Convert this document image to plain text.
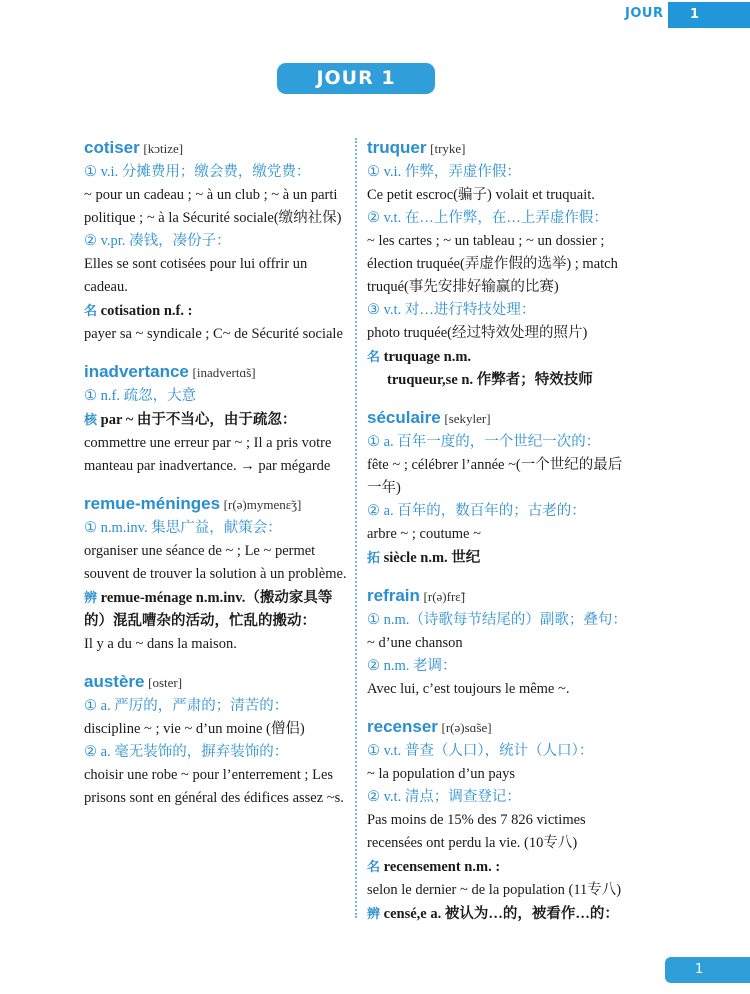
JOUR	1
JOUR 1

cotiser [kɔtize]

① v.i. 分摊费用；缴会费，缴党费：

~ pour un cadeau ; ~ à un club ; ~ à un parti politique ; ~ à la Sécurité sociale(缴纳社保)

② v.pr. 凑钱，凑份子：

Elles se sont cotisées pour lui offrir un cadeau.

名 cotisation n.f. :

payer sa ~ syndicale ; C~ de Sécurité sociale

inadvertance [inadvertɑ̃s]

① n.f. 疏忽，大意

核 par ~ 由于不当心，由于疏忽：

commettre une erreur par ~ ; Il a pris votre manteau par inadvertance. → par mégarde

remue-méninges [r(ə)mymenɛ̃ʒ]

① n.m.inv. 集思广益，献策会：

organiser une séance de ~ ; Le ~ permet souvent de trouver la solution à un problème.

辨 remue-ménage n.m.inv.（搬动家具等的）混乱嘈杂的活动，忙乱的搬动：

Il y a du ~ dans la maison.

austère [oster]

① a. 严厉的，严肃的；清苦的：

discipline ~ ; vie ~ d’un moine (僧侣)

② a. 毫无装饰的，摒弃装饰的：

choisir une robe ~ pour l’enterrement ; Les prisons sont en général des édifices assez ~s.

truquer [tryke]

① v.i. 作弊，弄虚作假：

Ce petit escroc(骗子) volait et truquait.

② v.t. 在…上作弊，在…上弄虚作假：

~ les cartes ; ~ un tableau ; ~ un dossier ; élection truquée(弄虚作假的选举) ; match truqué(事先安排好输赢的比赛)

③ v.t. 对…进行特技处理：

photo truquée(经过特效处理的照片)

名 truquage n.m.

truqueur,se n. 作弊者；特效技师

séculaire [sekyler]

① a. 百年一度的，一个世纪一次的：

fête ~ ; célébrer l’année ~(一个世纪的最后一年)

② a. 百年的，数百年的；古老的：

arbre ~ ; coutume ~

拓 siècle n.m. 世纪

refrain [r(ə)frɛ̃]

① n.m.（诗歌每节结尾的）副歌；叠句：

~ d’une chanson

② n.m. 老调：

Avec lui, c’est toujours le même ~.

recenser [r(ə)sɑ̃se]

① v.t. 普查（人口），统计（人口）：

~ la population d’un pays

② v.t. 清点；调查登记：

Pas moins de 15% des 7 826 victimes recensées ont perdu la vie. (10专八)

名 recensement n.m. :

selon le dernier ~ de la population (11专八)

辨 censé,e a. 被认为…的，被看作…的：

1
